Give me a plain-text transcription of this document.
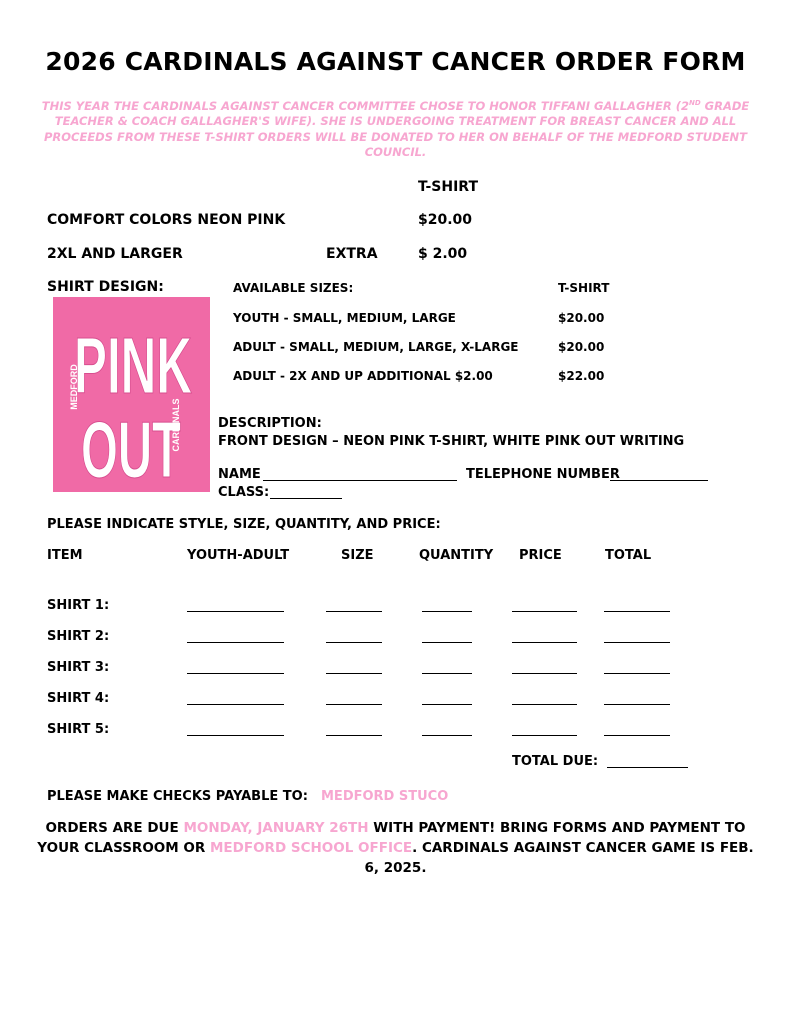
2026 CARDINALS AGAINST CANCER ORDER FORM
THIS YEAR THE CARDINALS AGAINST CANCER COMMITTEE CHOSE TO HONOR TIFFANI GALLAGHER (2ND GRADE TEACHER & COACH GALLAGHER'S WIFE). SHE IS UNDERGOING TREATMENT FOR BREAST CANCER AND ALL PROCEEDS FROM THESE T-SHIRT ORDERS WILL BE DONATED TO HER ON BEHALF OF THE MEDFORD STUDENT COUNCIL.
T-SHIRT
COMFORT COLORS NEON PINK	$20.00
2XL AND LARGER	EXTRA	$ 2.00
SHIRT DESIGN:
PINK
OUT
MEDFORD
CARDINALS
AVAILABLE SIZES:	T-SHIRT
YOUTH - SMALL, MEDIUM, LARGE	$20.00
ADULT - SMALL, MEDIUM, LARGE, X-LARGE	$20.00
ADULT - 2X AND UP ADDITIONAL $2.00	$22.00
DESCRIPTION:
FRONT DESIGN – NEON PINK T-SHIRT, WHITE PINK OUT WRITING
NAME	TELEPHONE NUMBER
CLASS:
PLEASE INDICATE STYLE, SIZE, QUANTITY, AND PRICE:
ITEM	YOUTH-ADULT	SIZE	QUANTITY PRICE	TOTAL
SHIRT 1:
SHIRT 2:
SHIRT 3:
SHIRT 4:
SHIRT 5:
TOTAL DUE:
PLEASE MAKE CHECKS PAYABLE TO: MEDFORD STUCO
ORDERS ARE DUE MONDAY, JANUARY 26TH WITH PAYMENT! BRING FORMS AND PAYMENT TO YOUR CLASSROOM OR MEDFORD SCHOOL OFFICE. CARDINALS AGAINST CANCER GAME IS FEB. 6, 2025.
